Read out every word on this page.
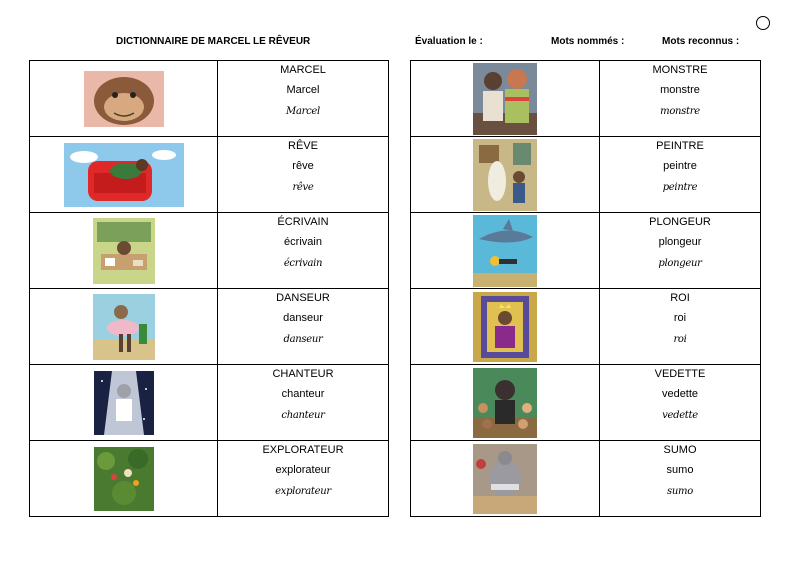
DICTIONNAIRE DE MARCEL LE RÊVEUR	Évaluation le :	Mots nommés :	Mots reconnus :
MARCEL
Marcel
Marcel
RÊVE
rêve
rêve
ÉCRIVAIN
écrivain
écrivain
DANSEUR
danseur
danseur
CHANTEUR
chanteur
chanteur
EXPLORATEUR
explorateur
explorateur
MONSTRE
monstre
monstre
PEINTRE
peintre
peintre
PLONGEUR
plongeur
plongeur
ROI
roi
roi
VEDETTE
vedette
vedette
SUMO
sumo
sumo
